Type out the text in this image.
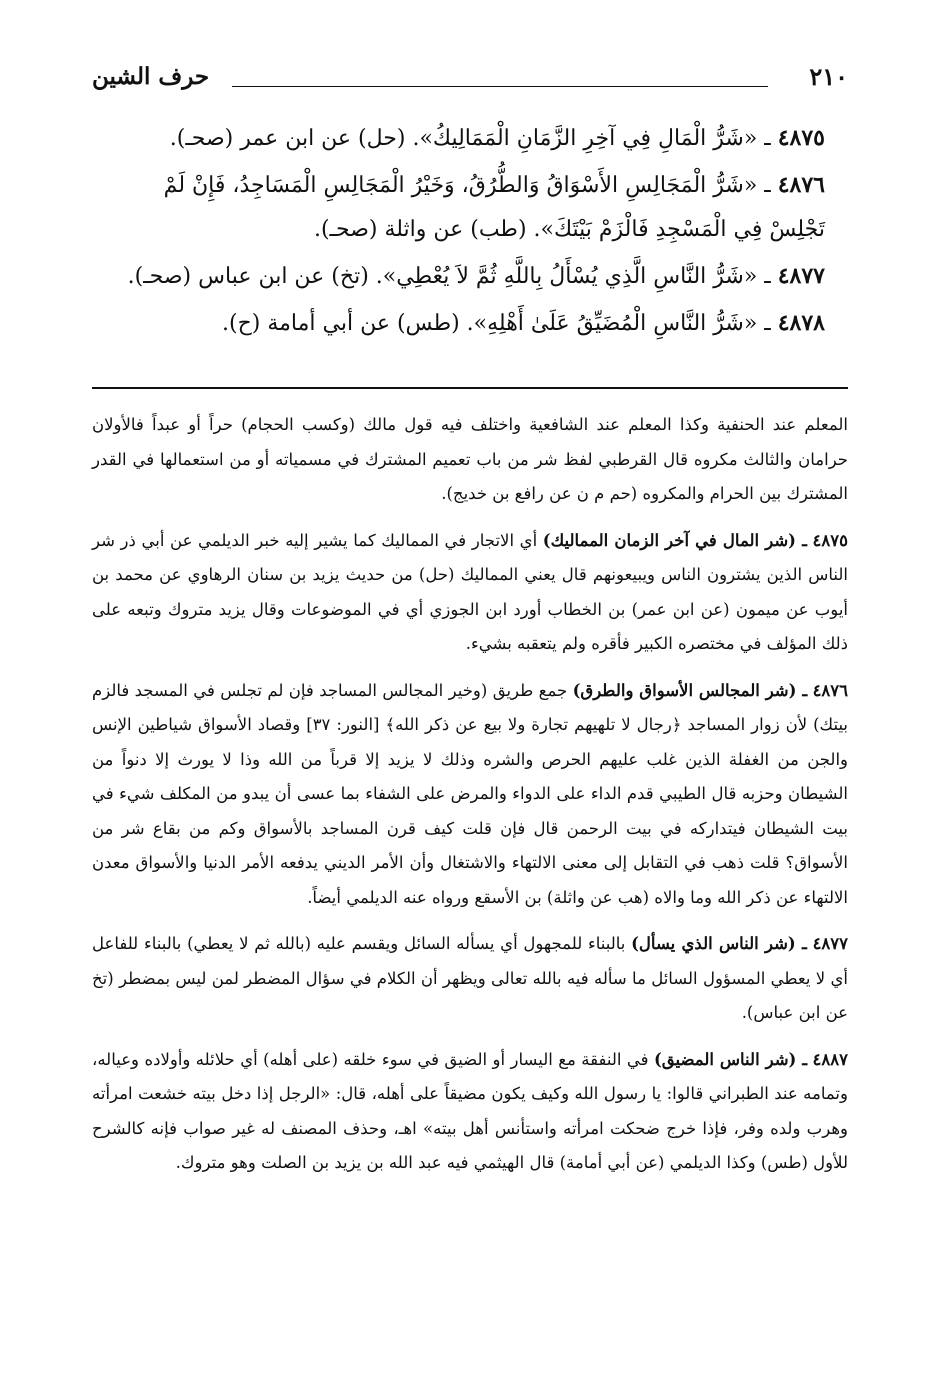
٢١٠
حرف الشين

٤٨٧٥ ـ «شَرُّ الْمَالِ فِي آخِرِ الزَّمَانِ الْمَمَالِيكُ». (حل) عن ابن عمر (صحـ).

٤٨٧٦ ـ «شَرُّ الْمَجَالِسِ الأَسْوَاقُ وَالطُّرُقُ، وَخَيْرُ الْمَجَالِسِ الْمَسَاجِدُ، فَإِنْ لَمْ تَجْلِسْ فِي الْمَسْجِدِ فَالْزَمْ بَيْتَكَ». (طب) عن واثلة (صحـ).

٤٨٧٧ ـ «شَرُّ النَّاسِ الَّذِي يُسْأَلُ بِاللَّهِ ثُمَّ لاَ يُعْطِي». (تخ) عن ابن عباس (صحـ).

٤٨٧٨ ـ «شَرُّ النَّاسِ الْمُضَيِّقُ عَلَىٰ أَهْلِهِ». (طس) عن أبي أمامة (ح).

المعلم عند الحنفية وكذا المعلم عند الشافعية واختلف فيه قول مالك (وكسب الحجام) حراً أو عبداً فالأولان حرامان والثالث مكروه قال القرطبي لفظ شر من باب تعميم المشترك في مسمياته أو من استعمالها في القدر المشترك بين الحرام والمكروه (حم م ن عن رافع بن خديج).

٤٨٧٥ ـ (شر المال في آخر الزمان المماليك) أي الاتجار في المماليك كما يشير إليه خبر الديلمي عن أبي ذر شر الناس الذين يشترون الناس ويبيعونهم قال يعني المماليك (حل) من حديث يزيد بن سنان الرهاوي عن محمد بن أيوب عن ميمون (عن ابن عمر) بن الخطاب أورد ابن الجوزي أي في الموضوعات وقال يزيد متروك وتبعه على ذلك المؤلف في مختصره الكبير فأقره ولم يتعقبه بشيء.

٤٨٧٦ ـ (شر المجالس الأسواق والطرق) جمع طريق (وخير المجالس المساجد فإن لم تجلس في المسجد فالزم بيتك) لأن زوار المساجد ﴿رجال لا تلهيهم تجارة ولا بيع عن ذكر الله﴾ [النور: ٣٧] وقصاد الأسواق شياطين الإنس والجن من الغفلة الذين غلب عليهم الحرص والشره وذلك لا يزيد إلا قرباً من الله وذا لا يورث إلا دنواً من الشيطان وحزبه قال الطيبي قدم الداء على الدواء والمرض على الشفاء بما عسى أن يبدو من المكلف شيء في بيت الشيطان فيتداركه في بيت الرحمن قال فإن قلت كيف قرن المساجد بالأسواق وكم من بقاع شر من الأسواق؟ قلت ذهب في التقابل إلى معنى الالتهاء والاشتغال وأن الأمر الديني يدفعه الأمر الدنيا والأسواق معدن الالتهاء عن ذكر الله وما والاه (هب عن واثلة) بن الأسقع ورواه عنه الديلمي أيضاً.

٤٨٧٧ ـ (شر الناس الذي يسأل) بالبناء للمجهول أي يسأله السائل ويقسم عليه (بالله ثم لا يعطي) بالبناء للفاعل أي لا يعطي المسؤول السائل ما سأله فيه بالله تعالى ويظهر أن الكلام في سؤال المضطر لمن ليس بمضطر (تخ عن ابن عباس).

٤٨٨٧ ـ (شر الناس المضيق) في النفقة مع اليسار أو الضيق في سوء خلقه (على أهله) أي حلائله وأولاده وعياله، وتمامه عند الطبراني قالوا: يا رسول الله وكيف يكون مضيقاً على أهله، قال: «الرجل إذا دخل بيته خشعت امرأته وهرب ولده وفر، فإذا خرج ضحكت امرأته واستأنس أهل بيته» اهـ، وحذف المصنف له غير صواب فإنه كالشرح للأول (طس) وكذا الديلمي (عن أبي أمامة) قال الهيثمي فيه عبد الله بن يزيد بن الصلت وهو متروك.
